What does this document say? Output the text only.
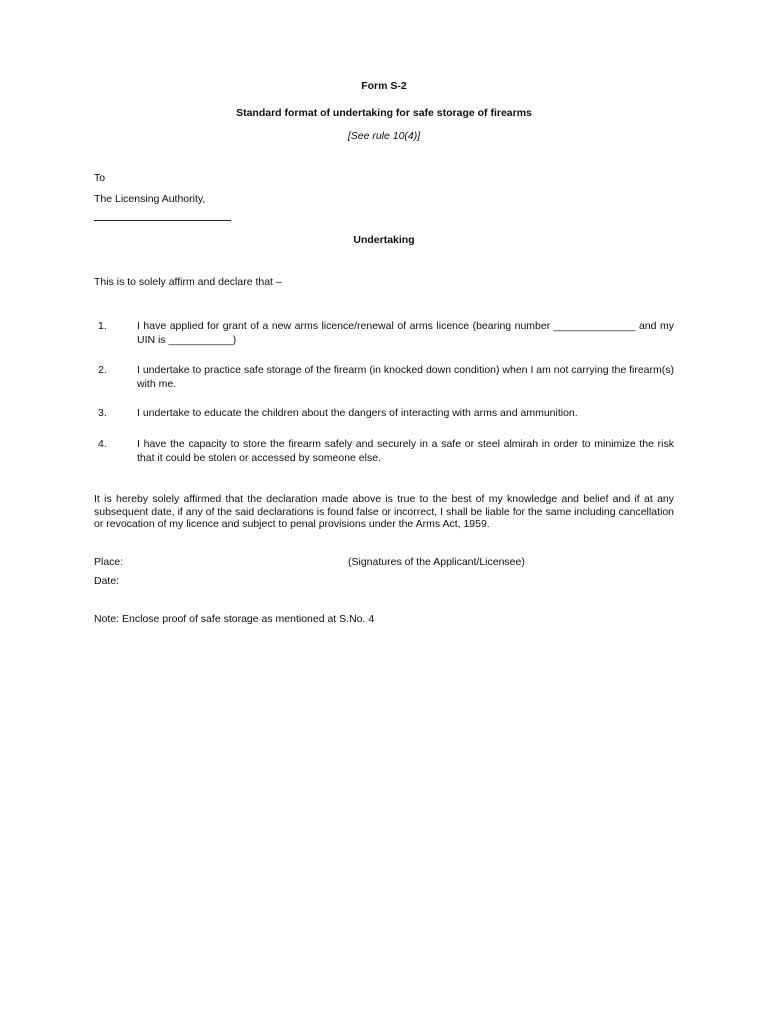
Form S-2
Standard format of undertaking for safe storage of firearms
[See rule 10(4)]
To
The Licensing Authority,
Undertaking
This is to solely affirm and declare that –
1.	I have applied for grant of a new arms licence/renewal of arms licence (bearing number ______________ and my UIN is ___________)
2.	I undertake to practice safe storage of the firearm (in knocked down condition) when I am not carrying the firearm(s) with me.
3.	I undertake to educate the children about the dangers of interacting with arms and ammunition.
4.	I have the capacity to store the firearm safely and securely in a safe or steel almirah in order to minimize the risk that it could be stolen or accessed by someone else.
It is hereby solely affirmed that the declaration made above is true to the best of my knowledge and belief and if at any subsequent date, if any of the said declarations is found false or incorrect, I shall be liable for the same including cancellation or revocation of my licence and subject to penal provisions under the Arms Act, 1959.
Place:	(Signatures of the Applicant/Licensee)
Date:
Note: Enclose proof of safe storage as mentioned at S.No. 4
